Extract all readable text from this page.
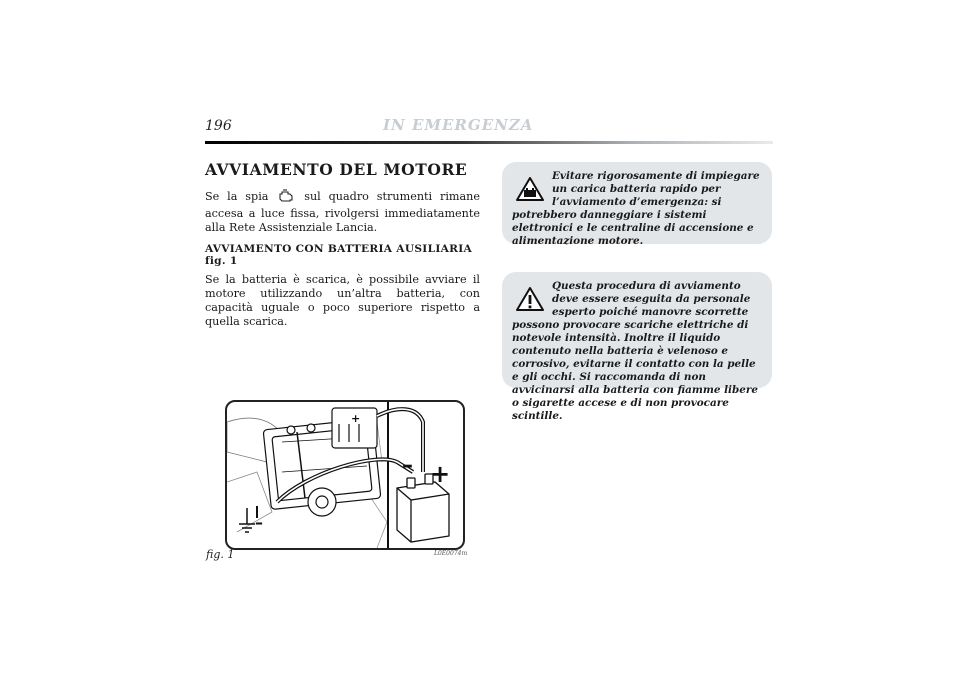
196	IN EMERGENZA
AVVIAMENTO DEL MOTORE

Se la spia	sul quadro strumenti rimane accesa a luce fissa, rivolgersi immediatamente alla Rete Assistenziale Lancia.

AVVIAMENTO CON BATTERIA AUSILIARIA fig. 1

Se la batteria è scarica, è possibile avviare il motore utilizzando un’altra batteria, con capacità uguale o poco superiore rispetto a quella scarica.

Evitare rigorosamente di impiegare un carica batteria rapido per l’avviamento d’emergenza: si potrebbero danneggiare i sistemi elettronici e le centraline di accensione e alimentazione motore.
Questa procedura di avviamento deve essere eseguita da personale esperto poiché manovre scorrette possono provocare scariche elettriche di notevole intensità. Inoltre il liquido contenuto nella batteria è velenoso e corrosivo, evitarne il contatto con la pelle e gli occhi. Si raccomanda di non avvicinarsi alla batteria con fiamme libere o sigarette accese e di non provocare scintille.
–
– +
+
fig. 1	L0E0074m
